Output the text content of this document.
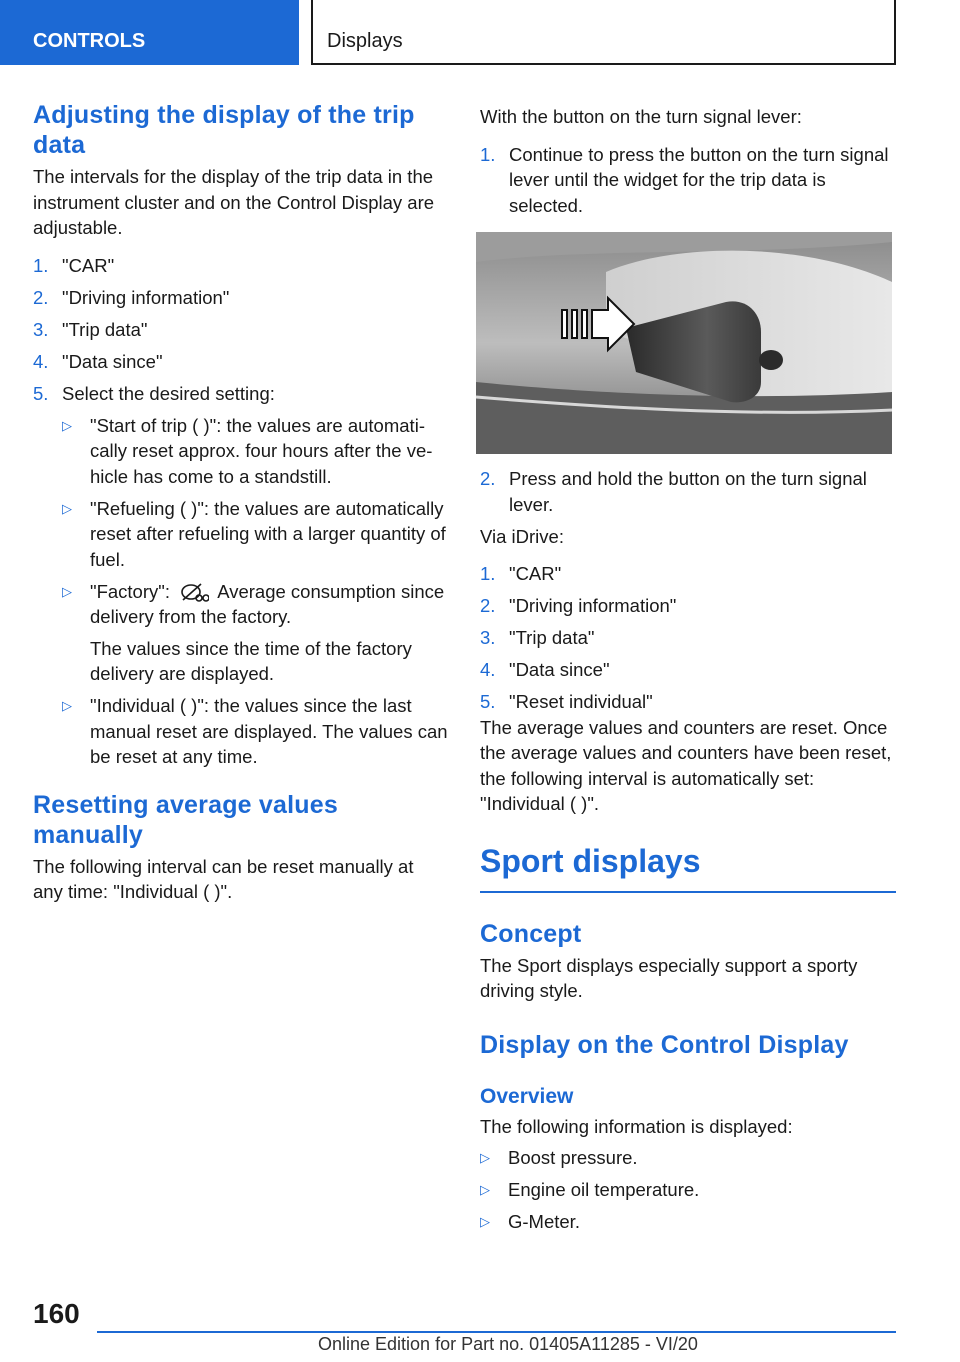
CONTROLS	Displays
Adjusting the display of the trip data
The intervals for the display of the trip data in the instrument cluster and on the Control Display are adjustable.
1. "CAR"
2. "Driving information"
3. "Trip data"
4. "Data since"
5. Select the desired setting:
▷ "Start of trip ( )": the values are automatically reset approx. four hours after the vehicle has come to a standstill.
▷ "Refueling ( )": the values are automatically reset after refueling with a larger quantity of fuel.
▷ "Factory":	Average consumption since delivery from the factory.
The values since the time of the factory delivery are displayed.
▷ "Individual ( )": the values since the last manual reset are displayed. The values can be reset at any time.
Resetting average values manually
The following interval can be reset manually at any time: "Individual ( )".
With the button on the turn signal lever:
1. Continue to press the button on the turn signal lever until the widget for the trip data is selected.
2. Press and hold the button on the turn signal lever.
Via iDrive:
1. "CAR"
2. "Driving information"
3. "Trip data"
4. "Data since"
5. "Reset individual"
The average values and counters are reset. Once the average values and counters have been reset, the following interval is automatically set: "Individual ( )".
Sport displays
Concept
The Sport displays especially support a sporty driving style.
Display on the Control Display
Overview
The following information is displayed:
▷ Boost pressure.
▷ Engine oil temperature.
▷ G-Meter.
160
Online Edition for Part no. 01405A11285 - VI/20
